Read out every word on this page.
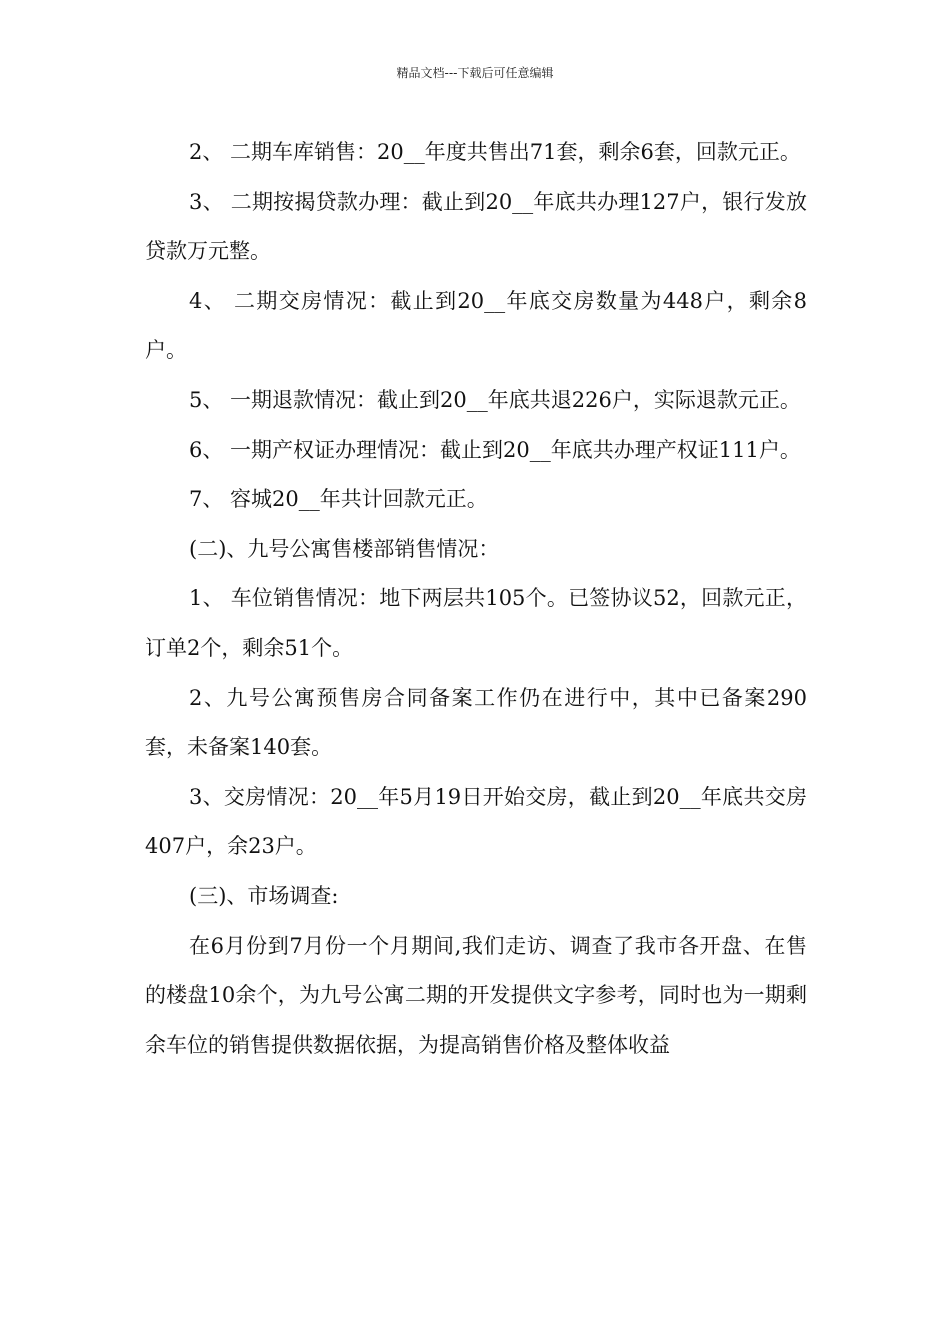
精品文档---下载后可任意编辑

2、 二期车库销售：20__年度共售出71套，剩余6套，回款元正。

3、 二期按揭贷款办理：截止到20__年底共办理127户，银行发放贷款万元整。

4、 二期交房情况：截止到20__年底交房数量为448户，剩余8户。

5、 一期退款情况：截止到20__年底共退226户，实际退款元正。

6、 一期产权证办理情况：截止到20__年底共办理产权证111户。

7、 容城20__年共计回款元正。

(二)、九号公寓售楼部销售情况：

1、 车位销售情况：地下两层共105个。已签协议52，回款元正，订单2个，剩余51个。

2、九号公寓预售房合同备案工作仍在进行中，其中已备案290套，未备案140套。

3、交房情况：20__年5月19日开始交房，截止到20__年底共交房407户，余23户。

(三)、市场调查:

在6月份到7月份一个月期间,我们走访、调查了我市各开盘、在售的楼盘10余个，为九号公寓二期的开发提供文字参考，同时也为一期剩余车位的销售提供数据依据，为提高销售价格及整体收益
